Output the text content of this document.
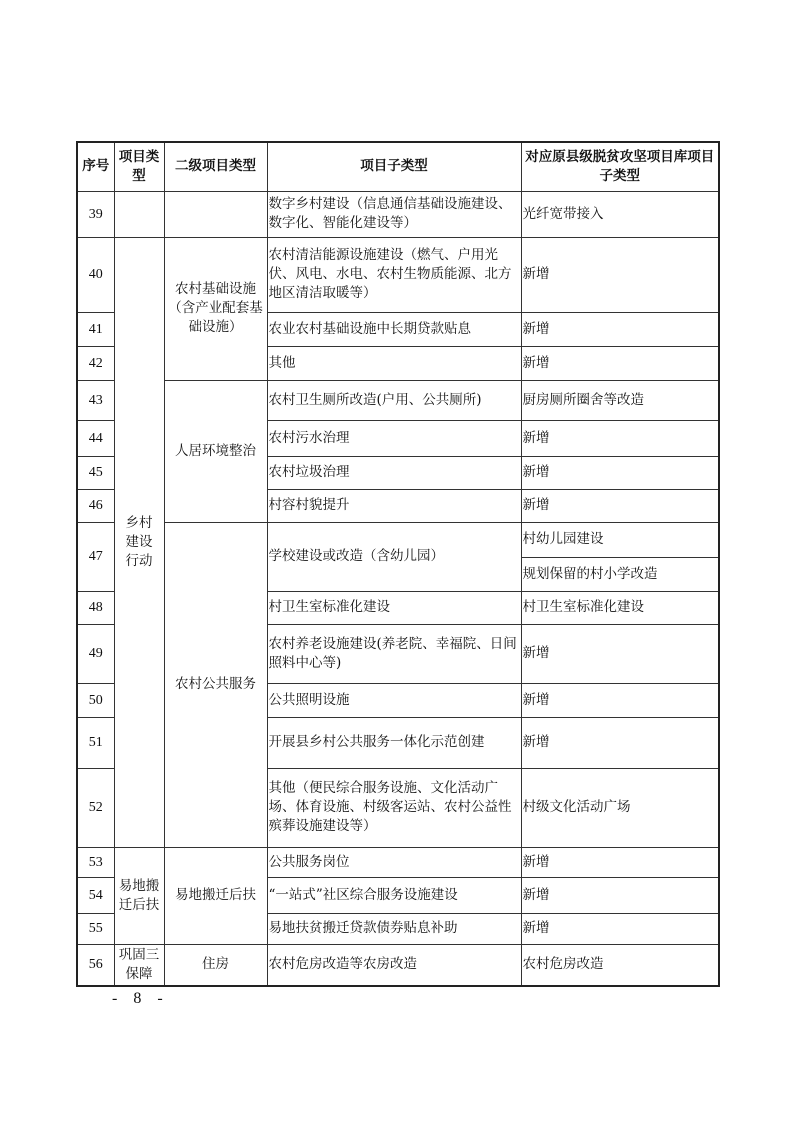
序号	项目类型	二级项目类型	项目子类型	对应原县级脱贫攻坚项目库项目子类型
39			数字乡村建设（信息通信基础设施建设、数字化、智能化建设等）	光纤宽带接入
40	乡村建设行动	农村基础设施（含产业配套基础设施）	农村清洁能源设施建设（燃气、户用光伏、风电、水电、农村生物质能源、北方地区清洁取暖等）	新增
41			农业农村基础设施中长期贷款贴息	新增
42			其他	新增
43		人居环境整治	农村卫生厕所改造(户用、公共厕所)	厨房厕所圈舍等改造
44			农村污水治理	新增
45			农村垃圾治理	新增
46			村容村貌提升	新增
47		农村公共服务	学校建设或改造（含幼儿园）	村幼儿园建设
				规划保留的村小学改造
48			村卫生室标准化建设	村卫生室标准化建设
49			农村养老设施建设(养老院、幸福院、日间照料中心等)	新增
50			公共照明设施	新增
51			开展县乡村公共服务一体化示范创建	新增
52			其他（便民综合服务设施、文化活动广场、体育设施、村级客运站、农村公益性殡葬设施建设等）	村级文化活动广场
53	易地搬迁后扶	易地搬迁后扶	公共服务岗位	新增
54			“一站式”社区综合服务设施建设	新增
55			易地扶贫搬迁贷款债券贴息补助	新增
56	巩固三保障	住房	农村危房改造等农房改造	农村危房改造
- 8 -
